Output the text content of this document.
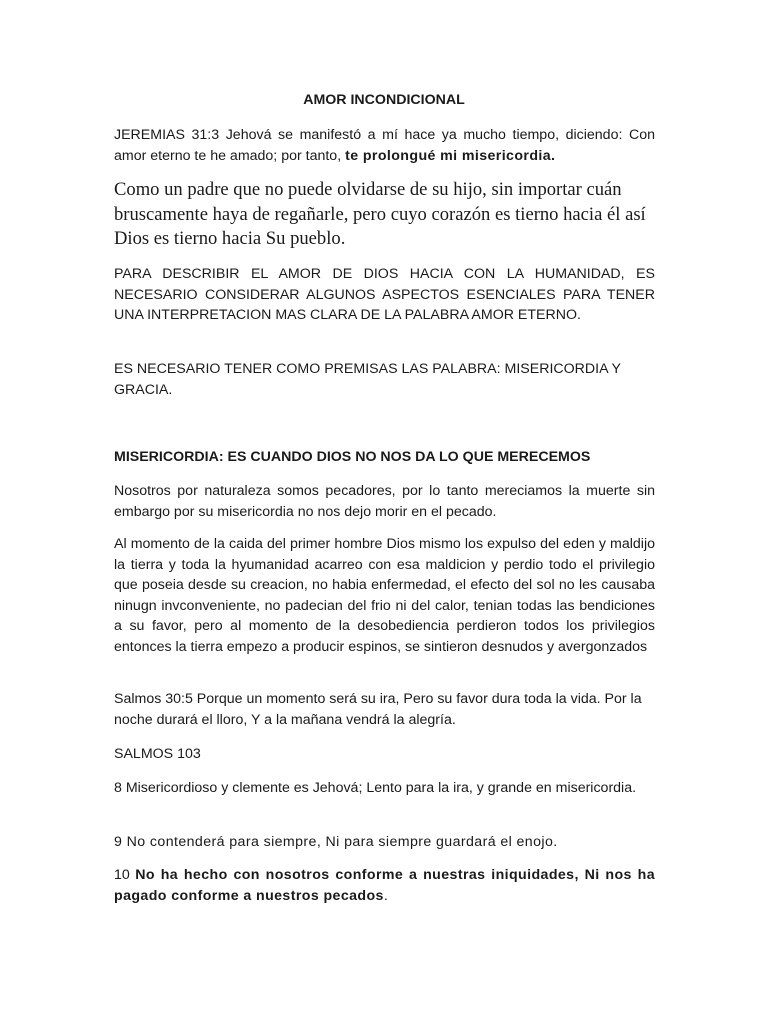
AMOR INCONDICIONAL

JEREMIAS 31:3 Jehová se manifestó a mí hace ya mucho tiempo, diciendo: Con amor eterno te he amado; por tanto, te prolongué mi misericordia.

Como un padre que no puede olvidarse de su hijo, sin importar cuán bruscamente haya de regañarle, pero cuyo corazón es tierno hacia él así Dios es tierno hacia Su pueblo.

PARA DESCRIBIR EL AMOR DE DIOS HACIA CON LA HUMANIDAD, ES NECESARIO CONSIDERAR ALGUNOS ASPECTOS ESENCIALES PARA TENER UNA INTERPRETACION MAS CLARA DE LA PALABRA AMOR ETERNO.

ES NECESARIO TENER COMO PREMISAS LAS PALABRA: MISERICORDIA Y GRACIA.

MISERICORDIA: ES CUANDO DIOS NO NOS DA LO QUE MERECEMOS

Nosotros por naturaleza somos pecadores, por lo tanto mereciamos la muerte sin embargo por su misericordia no nos dejo morir en el pecado.

Al momento de la caida del primer hombre Dios mismo los expulso del eden y maldijo la tierra y toda la hyumanidad acarreo con esa maldicion y perdio todo el privilegio que poseia desde su creacion, no habia enfermedad, el efecto del sol no les causaba ninugn invconveniente, no padecian del frio ni del calor, tenian todas las bendiciones a su favor, pero al momento de la desobediencia perdieron todos los privilegios entonces la tierra empezo a producir espinos, se sintieron desnudos y avergonzados

Salmos 30:5 Porque un momento será su ira, Pero su favor dura toda la vida. Por la noche durará el lloro, Y a la mañana vendrá la alegría.

SALMOS 103

8 Misericordioso y clemente es Jehová; Lento para la ira, y grande en misericordia.

9 No contenderá para siempre, Ni para siempre guardará el enojo.

10 No ha hecho con nosotros conforme a nuestras iniquidades, Ni nos ha pagado conforme a nuestros pecados.
